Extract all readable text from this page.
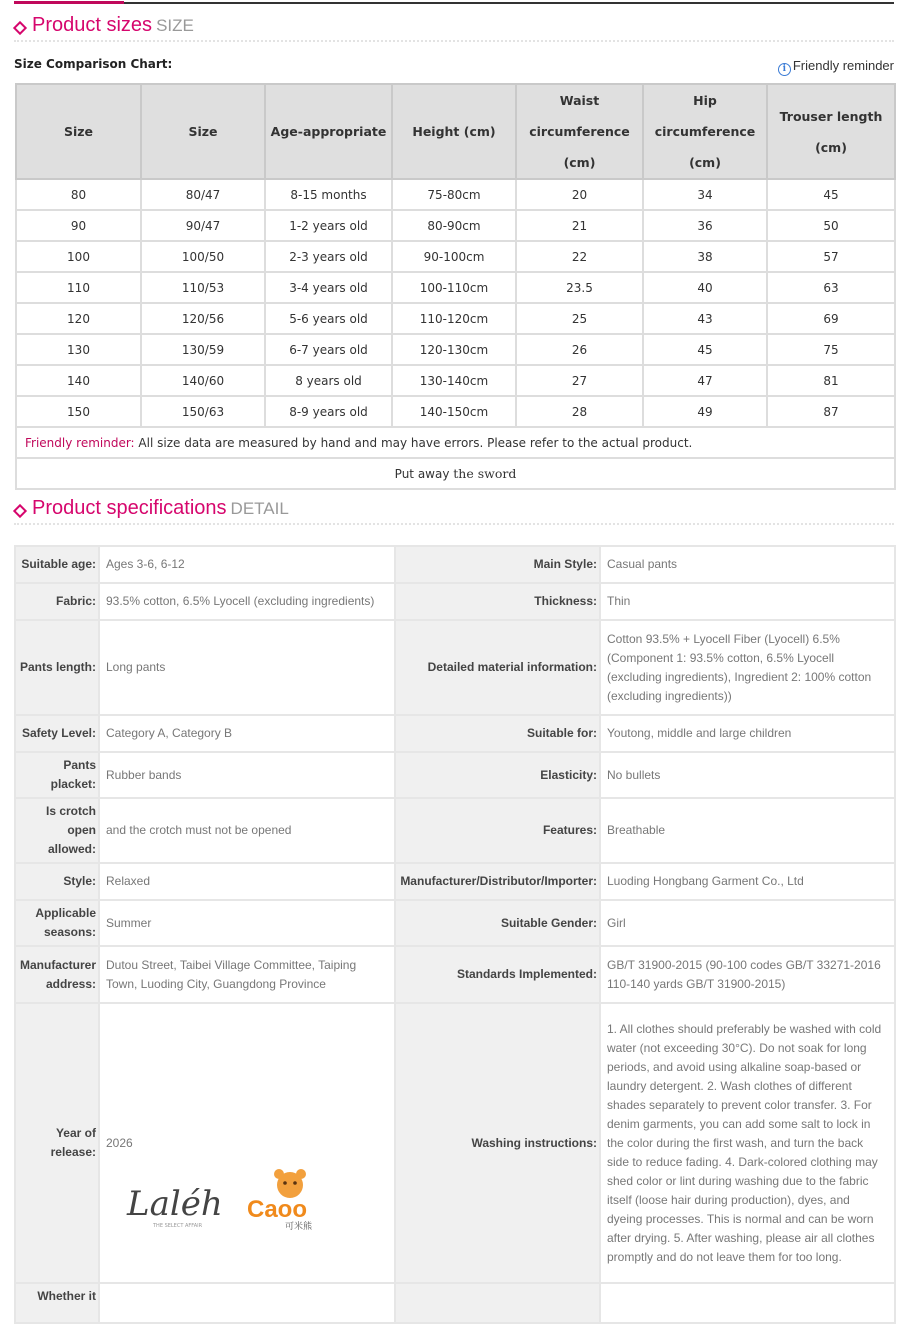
Product sizes SIZE
Size Comparison Chart:	i Friendly reminder
Size	Size	Age-appropriate	Height (cm)	Waist circumference (cm)	Hip circumference (cm)	Trouser length (cm)
80	80/47	8-15 months	75-80cm	20	34	45
90	90/47	1-2 years old	80-90cm	21	36	50
100	100/50	2-3 years old	90-100cm	22	38	57
110	110/53	3-4 years old	100-110cm	23.5	40	63
120	120/56	5-6 years old	110-120cm	25	43	69
130	130/59	6-7 years old	120-130cm	26	45	75
140	140/60	8 years old	130-140cm	27	47	81
150	150/63	8-9 years old	140-150cm	28	49	87
Friendly reminder: All size data are measured by hand and may have errors. Please refer to the actual product.						
Put away the sword						
Product specifications DETAIL
Suitable age:	Ages 3-6, 6-12	Main Style:	Casual pants
Fabric:	93.5% cotton, 6.5% Lyocell (excluding ingredients)	Thickness:	Thin
Pants length:	Long pants	Detailed material information:	Cotton 93.5% + Lyocell Fiber (Lyocell) 6.5% (Component 1: 93.5% cotton, 6.5% Lyocell (excluding ingredients), Ingredient 2: 100% cotton (excluding ingredients))
Safety Level:	Category A, Category B	Suitable for:	Youtong, middle and large children
Pants placket:	Rubber bands	Elasticity:	No bullets
Is crotch open allowed:	and the crotch must not be opened	Features:	Breathable
Style:	Relaxed	Manufacturer/Distributor/Importer:	Luoding Hongbang Garment Co., Ltd
Applicable seasons:	Summer	Suitable Gender:	Girl
Manufacturer address:	Dutou Street, Taibei Village Committee, Taiping Town, Luoding City, Guangdong Province	Standards Implemented:	GB/T 31900-2015 (90-100 codes GB/T 33271-2016 110-140 yards GB/T 31900-2015)
Year of release:	2026	Washing instructions:	1. All clothes should preferably be washed with cold water (not exceeding 30°C). Do not soak for long periods, and avoid using alkaline soap-based or laundry detergent. 2. Wash clothes of different shades separately to prevent color transfer. 3. For denim garments, you can add some salt to lock in the color during the first wash, and turn the back side to reduce fading. 4. Dark-colored clothing may shed color or lint during washing due to the fabric itself (loose hair during production), dyes, and dyeing processes. This is normal and can be worn after drying. 5. After washing, please air all clothes promptly and do not leave them for too long.
Whether it			
Laléh
THE SELECT AFFAIR
Caoo
可米熊
